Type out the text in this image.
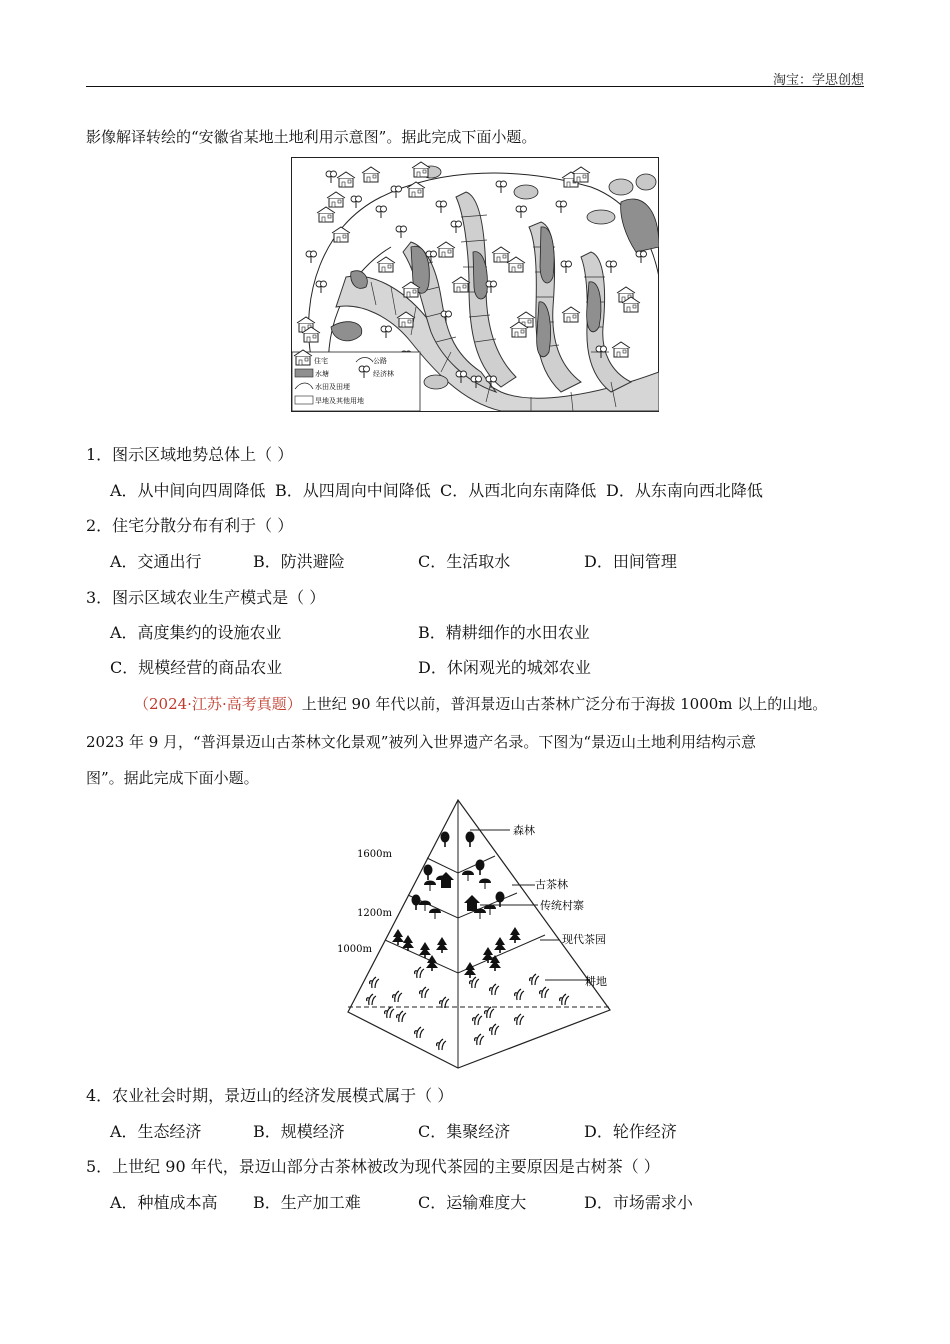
淘宝：学思创想
影像解译转绘的“安徽省某地土地利用示意图”。据此完成下面小题。
住宅	公路
水塘	经济林
水田及田埂
旱地及其他用地
1．图示区域地势总体上（ ）
A．从中间向四周降低 B．从四周向中间降低 C．从西北向东南降低 D．从东南向西北降低
2．住宅分散分布有利于（ ）
A．交通出行	B．防洪避险	C．生活取水	D．田间管理
3．图示区域农业生产模式是（ ）
A．高度集约的设施农业	B．精耕细作的水田农业
C．规模经营的商品农业	D．休闲观光的城郊农业
（2024·江苏·高考真题）上世纪 90 年代以前，普洱景迈山古茶林广泛分布于海拔 1000m 以上的山地。
2023 年 9 月，“普洱景迈山古茶林文化景观”被列入世界遗产名录。下图为“景迈山土地利用结构示意
图”。据此完成下面小题。
1600m
1200m
1000m
森林
古茶林
传统村寨
现代茶园
耕地
4．农业社会时期，景迈山的经济发展模式属于（ ）
A．生态经济	B．规模经济	C．集聚经济	D．轮作经济
5．上世纪 90 年代，景迈山部分古茶林被改为现代茶园的主要原因是古树茶（ ）
A．种植成本高 B．生产加工难	C．运输难度大	D．市场需求小
